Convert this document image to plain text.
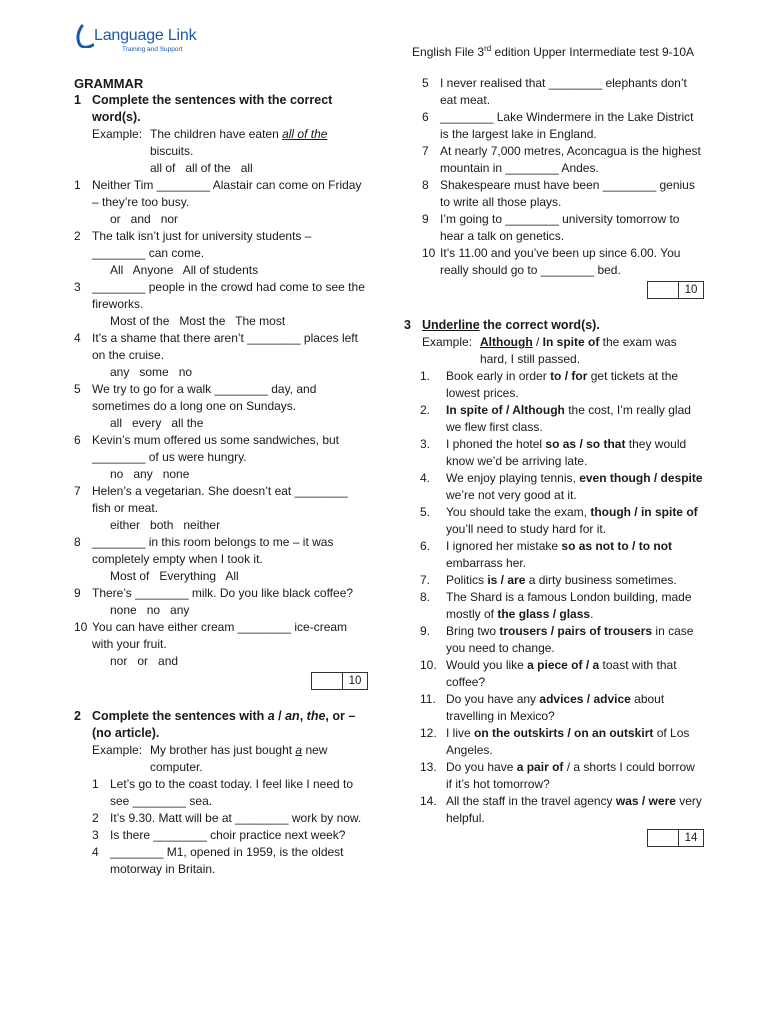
Language Link
Training and Support	English File 3rd edition Upper Intermediate test 9-10A
GRAMMAR
1 Complete the sentences with the correct word(s).
Example: The children have eaten all of the biscuits.
all of   all of the   all
1 Neither Tim ________ Alastair can come on Friday – they’re too busy.
or   and   nor
2 The talk isn’t just for university students – ________ can come.
All   Anyone   All of students
3 ________ people in the crowd had come to see the fireworks.
Most of the   Most the   The most
4 It’s a shame that there aren’t ________ places left on the cruise.
any   some   no
5 We try to go for a walk ________ day, and sometimes do a long one on Sundays.
all   every   all the
6 Kevin’s mum offered us some sandwiches, but ________ of us were hungry.
no   any   none
7 Helen’s a vegetarian. She doesn’t eat ________ fish or meat.
either   both   neither
8 ________ in this room belongs to me – it was completely empty when I took it.
Most of   Everything   All
9 There’s ________ milk. Do you like black coffee?
none   no   any
10 You can have either cream ________ ice-cream with your fruit.
nor   or   and
10
2 Complete the sentences with a / an, the, or – (no article).
Example: My brother has just bought a new computer.
1 Let’s go to the coast today. I feel like I need to see ________ sea.
2 It’s 9.30. Matt will be at ________ work by now.
3 Is there ________ choir practice next week?
4 ________ M1, opened in 1959, is the oldest motorway in Britain.
5 I never realised that ________ elephants don’t eat meat.
6 ________ Lake Windermere in the Lake District is the largest lake in England.
7 At nearly 7,000 metres, Aconcagua is the highest mountain in ________ Andes.
8 Shakespeare must have been ________ genius to write all those plays.
9 I’m going to ________ university tomorrow to hear a talk on genetics.
10 It’s 11.00 and you’ve been up since 6.00. You really should go to ________ bed.
10
3 Underline the correct word(s).
Example: Although / In spite of the exam was hard, I still passed.
1.	Book early in order to / for get tickets at the lowest prices.
2.	In spite of / Although the cost, I’m really glad we flew first class.
3.	I phoned the hotel so as / so that they would know we’d be arriving late.
4.	We enjoy playing tennis, even though / despite we’re not very good at it.
5.	You should take the exam, though / in spite of you’ll need to study hard for it.
6.	I ignored her mistake so as not to / to not embarrass her.
7.	Politics is / are a dirty business sometimes.
8.	The Shard is a famous London building, made mostly of the glass / glass.
9.	Bring two trousers / pairs of trousers in case you need to change.
10. Would you like a piece of / a toast with that coffee?
11. Do you have any advices / advice about travelling in Mexico?
12. I live on the outskirts / on an outskirt of Los Angeles.
13. Do you have a pair of / a shorts I could borrow if it’s hot tomorrow?
14. All the staff in the travel agency was / were very helpful.
14
